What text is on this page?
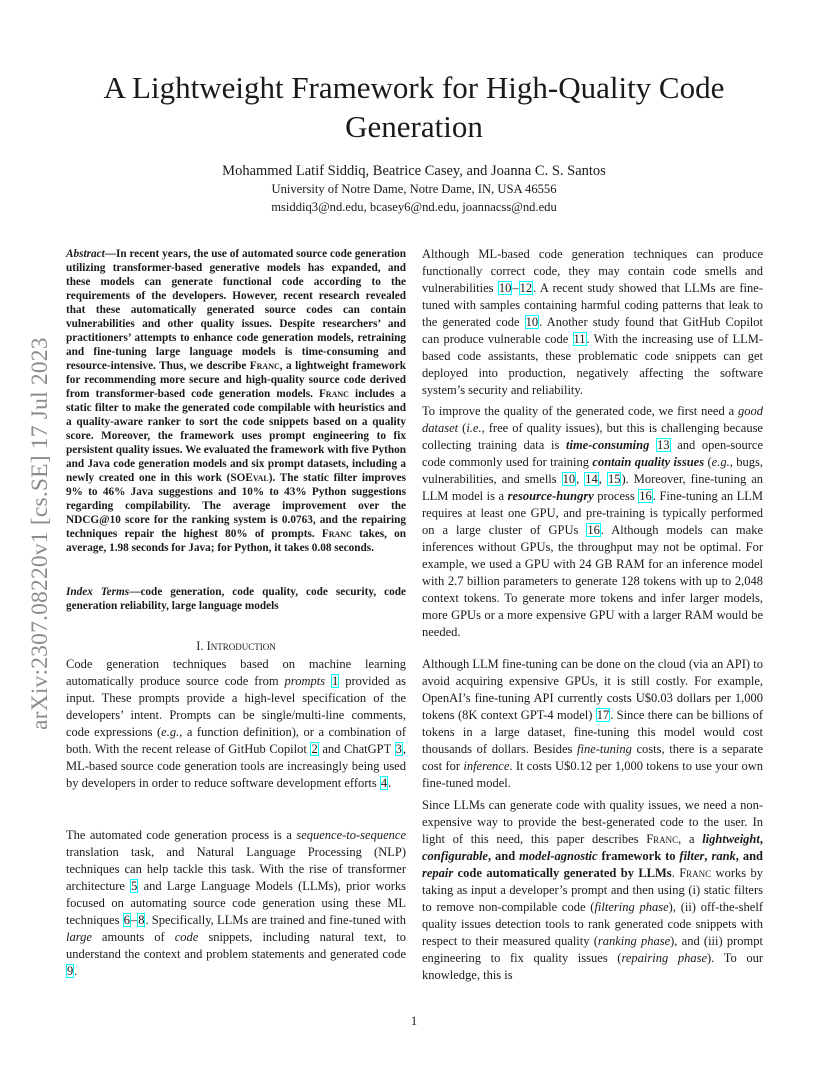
arXiv:2307.08220v1 [cs.SE] 17 Jul 2023
A Lightweight Framework for High-Quality Code Generation
Mohammed Latif Siddiq, Beatrice Casey, and Joanna C. S. Santos
University of Notre Dame, Notre Dame, IN, USA 46556
msiddiq3@nd.edu, bcasey6@nd.edu, joannacss@nd.edu
Abstract—In recent years, the use of automated source code generation utilizing transformer-based generative models has expanded, and these models can generate functional code according to the requirements of the developers. However, recent research revealed that these automatically generated source codes can contain vulnerabilities and other quality issues. Despite researchers’ and practitioners’ attempts to enhance code generation models, retraining and fine-tuning large language models is time-consuming and resource-intensive. Thus, we describe Franc, a lightweight framework for recommending more secure and high-quality source code derived from transformer-based code generation models. Franc includes a static filter to make the generated code compilable with heuristics and a quality-aware ranker to sort the code snippets based on a quality score. Moreover, the framework uses prompt engineering to fix persistent quality issues. We evaluated the framework with five Python and Java code generation models and six prompt datasets, including a newly created one in this work (SOEval). The static filter improves 9% to 46% Java suggestions and 10% to 43% Python suggestions regarding compilability. The average improvement over the NDCG@10 score for the ranking system is 0.0763, and the repairing techniques repair the highest 80% of prompts. Franc takes, on average, 1.98 seconds for Java; for Python, it takes 0.08 seconds.
Index Terms—code generation, code quality, code security, code generation reliability, large language models
I. Introduction
Code generation techniques based on machine learning automatically produce source code from prompts 1 provided as input. These prompts provide a high-level specification of the developers’ intent. Prompts can be single/multi-line comments, code expressions (e.g., a function definition), or a combination of both. With the recent release of GitHub Copilot 2 and ChatGPT 3, ML-based source code generation tools are increasingly being used by developers in order to reduce software development efforts 4.
The automated code generation process is a sequence-to-sequence translation task, and Natural Language Processing (NLP) techniques can help tackle this task. With the rise of transformer architecture 5 and Large Language Models (LLMs), prior works focused on automating source code generation using these ML techniques 6–8. Specifically, LLMs are trained and fine-tuned with large amounts of code snippets, including natural text, to understand the context and problem statements and generated code 9.
Although ML-based code generation techniques can produce functionally correct code, they may contain code smells and vulnerabilities 10–12. A recent study showed that LLMs are fine-tuned with samples containing harmful coding patterns that leak to the generated code 10. Another study found that GitHub Copilot can produce vulnerable code 11. With the increasing use of LLM-based code assistants, these problematic code snippets can get deployed into production, negatively affecting the software system’s security and reliability.
To improve the quality of the generated code, we first need a good dataset (i.e., free of quality issues), but this is challenging because collecting training data is time-consuming 13 and open-source code commonly used for training contain quality issues (e.g., bugs, vulnerabilities, and smells 10, 14, 15). Moreover, fine-tuning an LLM model is a resource-hungry process 16. Fine-tuning an LLM requires at least one GPU, and pre-training is typically performed on a large cluster of GPUs 16. Although models can make inferences without GPUs, the throughput may not be optimal. For example, we used a GPU with 24 GB RAM for an inference model with 2.7 billion parameters to generate 128 tokens with up to 2,048 context tokens. To generate more tokens and infer larger models, more GPUs or a more expensive GPU with a larger RAM would be needed.
Although LLM fine-tuning can be done on the cloud (via an API) to avoid acquiring expensive GPUs, it is still costly. For example, OpenAI’s fine-tuning API currently costs U$0.03 dollars per 1,000 tokens (8K context GPT-4 model) 17. Since there can be billions of tokens in a large dataset, fine-tuning this model would cost thousands of dollars. Besides fine-tuning costs, there is a separate cost for inference. It costs U$0.12 per 1,000 tokens to use your own fine-tuned model.
Since LLMs can generate code with quality issues, we need a non-expensive way to provide the best-generated code to the user. In light of this need, this paper describes Franc, a lightweight, configurable, and model-agnostic framework to filter, rank, and repair code automatically generated by LLMs. Franc works by taking as input a developer’s prompt and then using (i) static filters to remove non-compilable code (filtering phase), (ii) off-the-shelf quality issues detection tools to rank generated code snippets with respect to their measured quality (ranking phase), and (iii) prompt engineering to fix quality issues (repairing phase). To our knowledge, this is
1
